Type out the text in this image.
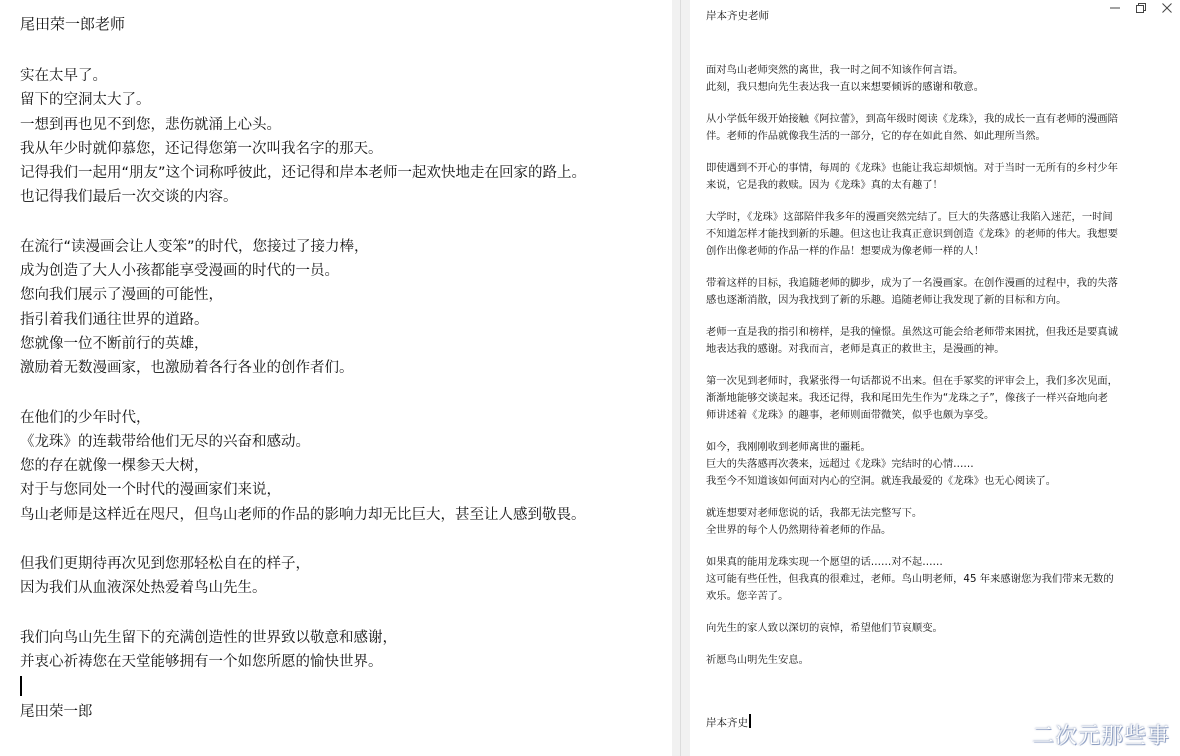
尾田荣一郎老师
实在太早了。
留下的空洞太大了。
一想到再也见不到您，悲伤就涌上心头。
我从年少时就仰慕您，还记得您第一次叫我名字的那天。
记得我们一起用“朋友”这个词称呼彼此，还记得和岸本老师一起欢快地走在回家的路上。
也记得我们最后一次交谈的内容。
在流行“读漫画会让人变笨”的时代，您接过了接力棒，
成为创造了大人小孩都能享受漫画的时代的一员。
您向我们展示了漫画的可能性，
指引着我们通往世界的道路。
您就像一位不断前行的英雄，
激励着无数漫画家，也激励着各行各业的创作者们。
在他们的少年时代，
《龙珠》的连载带给他们无尽的兴奋和感动。
您的存在就像一棵参天大树，
对于与您同处一个时代的漫画家们来说，
鸟山老师是这样近在咫尺，但鸟山老师的作品的影响力却无比巨大，甚至让人感到敬畏。
但我们更期待再次见到您那轻松自在的样子，
因为我们从血液深处热爱着鸟山先生。
我们向鸟山先生留下的充满创造性的世界致以敬意和感谢，
并衷心祈祷您在天堂能够拥有一个如您所愿的愉快世界。
尾田荣一郎
岸本齐史老师
面对鸟山老师突然的离世，我一时之间不知该作何言语。
此刻，我只想向先生表达我一直以来想要倾诉的感谢和敬意。
从小学低年级开始接触《阿拉蕾》，到高年级时阅读《龙珠》，我的成长一直有老师的漫画陪
伴。老师的作品就像我生活的一部分，它的存在如此自然、如此理所当然。
即使遇到不开心的事情，每周的《龙珠》也能让我忘却烦恼。对于当时一无所有的乡村少年
来说，它是我的救赎。因为《龙珠》真的太有趣了！
大学时，《龙珠》这部陪伴我多年的漫画突然完结了。巨大的失落感让我陷入迷茫，一时间
不知道怎样才能找到新的乐趣。但这也让我真正意识到创造《龙珠》的老师的伟大。我想要
创作出像老师的作品一样的作品！想要成为像老师一样的人！
带着这样的目标，我追随老师的脚步，成为了一名漫画家。在创作漫画的过程中，我的失落
感也逐渐消散，因为我找到了新的乐趣。追随老师让我发现了新的目标和方向。
老师一直是我的指引和榜样，是我的憧憬。虽然这可能会给老师带来困扰，但我还是要真诚
地表达我的感谢。对我而言，老师是真正的救世主，是漫画的神。
第一次见到老师时，我紧张得一句话都说不出来。但在手冢奖的评审会上，我们多次见面，
渐渐地能够交谈起来。我还记得，我和尾田先生作为“龙珠之子”，像孩子一样兴奋地向老
师讲述着《龙珠》的趣事，老师则面带微笑，似乎也颇为享受。
如今，我刚刚收到老师离世的噩耗。
巨大的失落感再次袭来，远超过《龙珠》完结时的心情……
我至今不知道该如何面对内心的空洞。就连我最爱的《龙珠》也无心阅读了。
就连想要对老师您说的话，我都无法完整写下。
全世界的每个人仍然期待着老师的作品。
如果真的能用龙珠实现一个愿望的话……对不起……
这可能有些任性，但我真的很难过，老师。鸟山明老师，45 年来感谢您为我们带来无数的
欢乐。您辛苦了。
向先生的家人致以深切的哀悼，希望他们节哀顺变。
祈愿鸟山明先生安息。
岸本齐史
二次元那些事
